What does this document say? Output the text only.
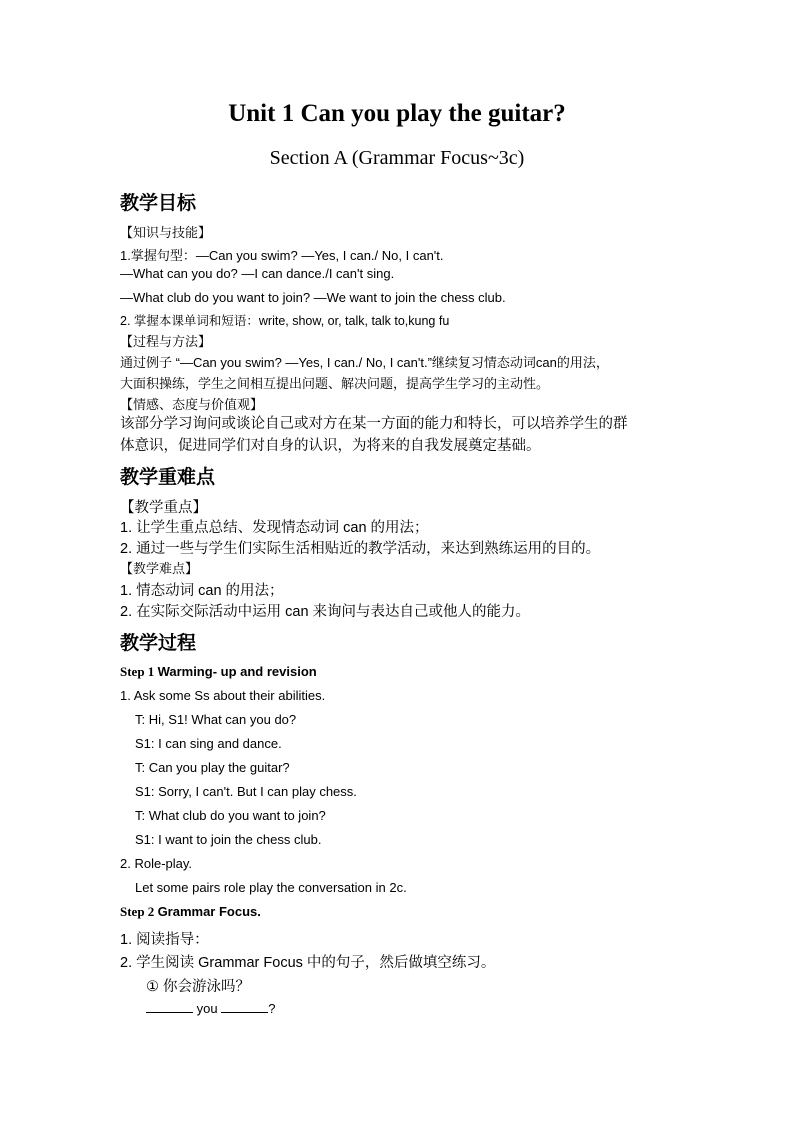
Unit 1 Can you play the guitar?
Section A (Grammar Focus~3c)
教学目标
【知识与技能】
1.掌握句型：—Can you swim? —Yes, I can./ No, I can't.
—What can you do? —I can dance./I can't sing.
—What club do you want to join? —We want to join the chess club.
2. 掌握本课单词和短语：write, show, or, talk, talk to,kung fu
【过程与方法】
通过例子 “—Can you swim? —Yes, I can./ No, I can't.”继续复习情态动词can的用法，
大面积操练，学生之间相互提出问题、解决问题，提高学生学习的主动性。
【情感、态度与价值观】
该部分学习询问或谈论自己或对方在某一方面的能力和特长，可以培养学生的群
体意识，促进同学们对自身的认识，为将来的自我发展奠定基础。
教学重难点
【教学重点】
1. 让学生重点总结、发现情态动词 can 的用法；
2. 通过一些与学生们实际生活相贴近的教学活动，来达到熟练运用的目的。
【教学难点】
1. 情态动词 can 的用法；
2. 在实际交际活动中运用 can 来询问与表达自己或他人的能力。
教学过程
Step 1 Warming- up and revision
1. Ask some Ss about their abilities.
T: Hi, S1! What can you do?
S1: I can sing and dance.
T: Can you play the guitar?
S1: Sorry, I can't. But I can play chess.
T: What club do you want to join?
S1: I want to join the chess club.
2. Role-play.
Let some pairs role play the conversation in 2c.
Step 2 Grammar Focus.
1. 阅读指导：
2. 学生阅读 Grammar Focus 中的句子，然后做填空练习。
① 你会游泳吗？
you	?
